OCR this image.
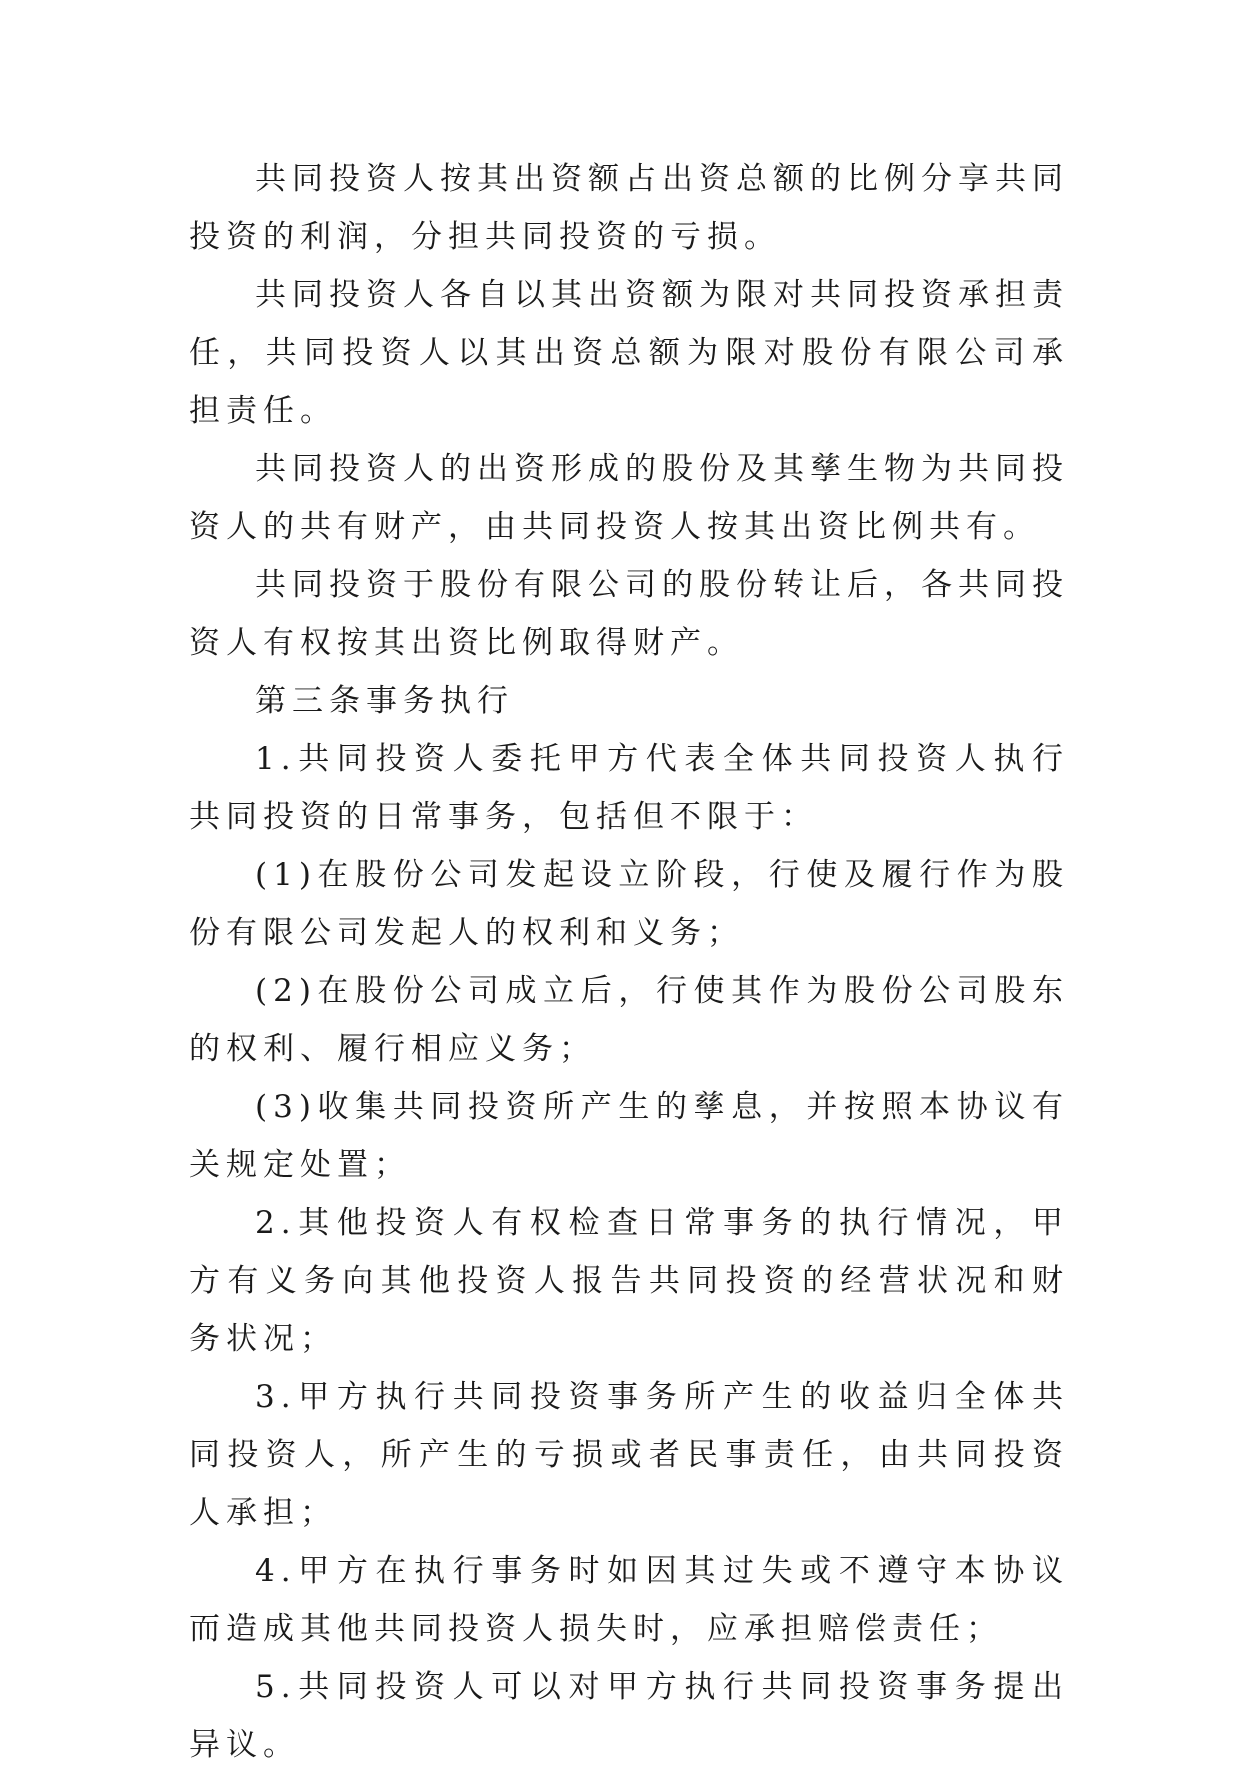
共同投资人按其出资额占出资总额的比例分享共同投资的利润，分担共同投资的亏损。

共同投资人各自以其出资额为限对共同投资承担责任，共同投资人以其出资总额为限对股份有限公司承担责任。

共同投资人的出资形成的股份及其孳生物为共同投资人的共有财产，由共同投资人按其出资比例共有。

共同投资于股份有限公司的股份转让后，各共同投资人有权按其出资比例取得财产。

第三条事务执行

1.共同投资人委托甲方代表全体共同投资人执行共同投资的日常事务，包括但不限于：

(1)在股份公司发起设立阶段，行使及履行作为股份有限公司发起人的权利和义务；

(2)在股份公司成立后，行使其作为股份公司股东的权利、履行相应义务；

(3)收集共同投资所产生的孳息，并按照本协议有关规定处置；

2.其他投资人有权检查日常事务的执行情况，甲方有义务向其他投资人报告共同投资的经营状况和财务状况；

3.甲方执行共同投资事务所产生的收益归全体共同投资人，所产生的亏损或者民事责任，由共同投资人承担；

4.甲方在执行事务时如因其过失或不遵守本协议而造成其他共同投资人损失时，应承担赔偿责任；

5.共同投资人可以对甲方执行共同投资事务提出异议。
